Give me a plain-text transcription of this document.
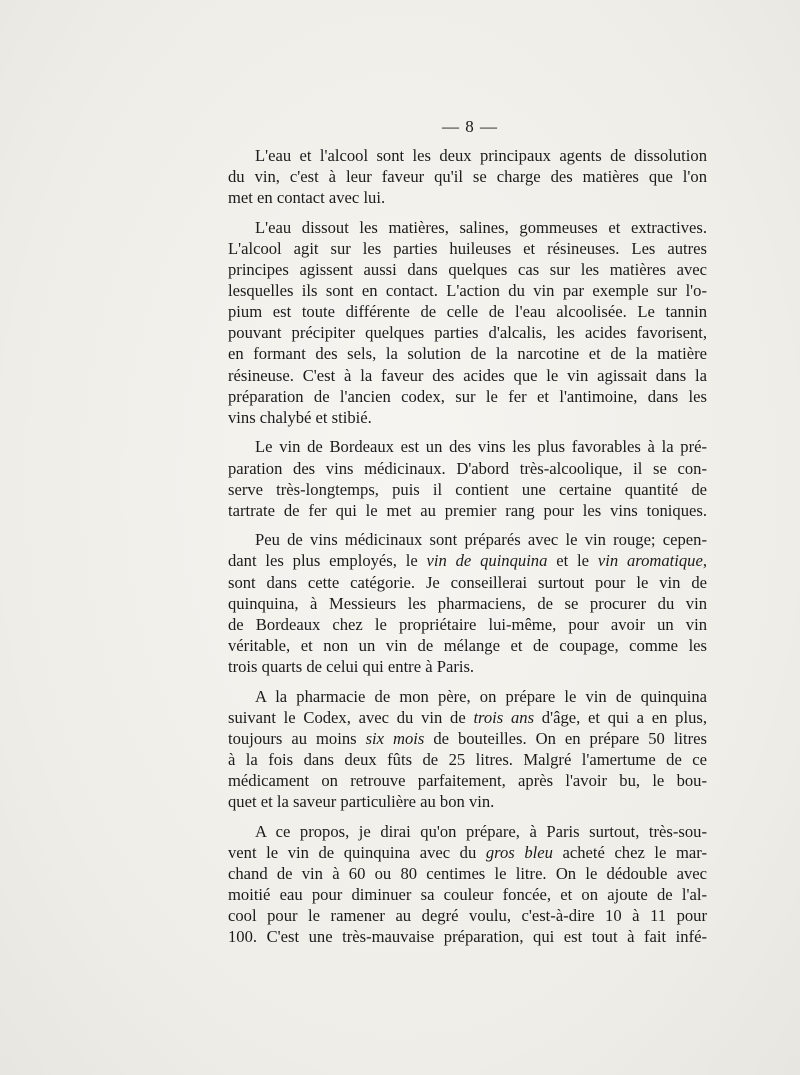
— 8 —

L'eau et l'alcool sont les deux principaux agents de dissolution
du vin, c'est à leur faveur qu'il se charge des matières que l'on
met en contact avec lui.

L'eau dissout les matières, salines, gommeuses et extractives.
L'alcool agit sur les parties huileuses et résineuses. Les autres
principes agissent aussi dans quelques cas sur les matières avec
lesquelles ils sont en contact. L'action du vin par exemple sur l'o-
pium est toute différente de celle de l'eau alcoolisée. Le tannin
pouvant précipiter quelques parties d'alcalis, les acides favorisent,
en formant des sels, la solution de la narcotine et de la matière
résineuse. C'est à la faveur des acides que le vin agissait dans la
préparation de l'ancien codex, sur le fer et l'antimoine, dans les
vins chalybé et stibié.

Le vin de Bordeaux est un des vins les plus favorables à la pré-
paration des vins médicinaux. D'abord très-alcoolique, il se con-
serve très-longtemps, puis il contient une certaine quantité de
tartrate de fer qui le met au premier rang pour les vins toniques.

Peu de vins médicinaux sont préparés avec le vin rouge; cepen-
dant les plus employés, le vin de quinquina et le vin aromatique,
sont dans cette catégorie. Je conseillerai surtout pour le vin de
quinquina, à Messieurs les pharmaciens, de se procurer du vin
de Bordeaux chez le propriétaire lui-même, pour avoir un vin
véritable, et non un vin de mélange et de coupage, comme les
trois quarts de celui qui entre à Paris.

A la pharmacie de mon père, on prépare le vin de quinquina
suivant le Codex, avec du vin de trois ans d'âge, et qui a en plus,
toujours au moins six mois de bouteilles. On en prépare 50 litres
à la fois dans deux fûts de 25 litres. Malgré l'amertume de ce
médicament on retrouve parfaitement, après l'avoir bu, le bou-
quet et la saveur particulière au bon vin.

A ce propos, je dirai qu'on prépare, à Paris surtout, très-sou-
vent le vin de quinquina avec du gros bleu acheté chez le mar-
chand de vin à 60 ou 80 centimes le litre. On le dédouble avec
moitié eau pour diminuer sa couleur foncée, et on ajoute de l'al-
cool pour le ramener au degré voulu, c'est-à-dire 10 à 11 pour
100. C'est une très-mauvaise préparation, qui est tout à fait infé-
